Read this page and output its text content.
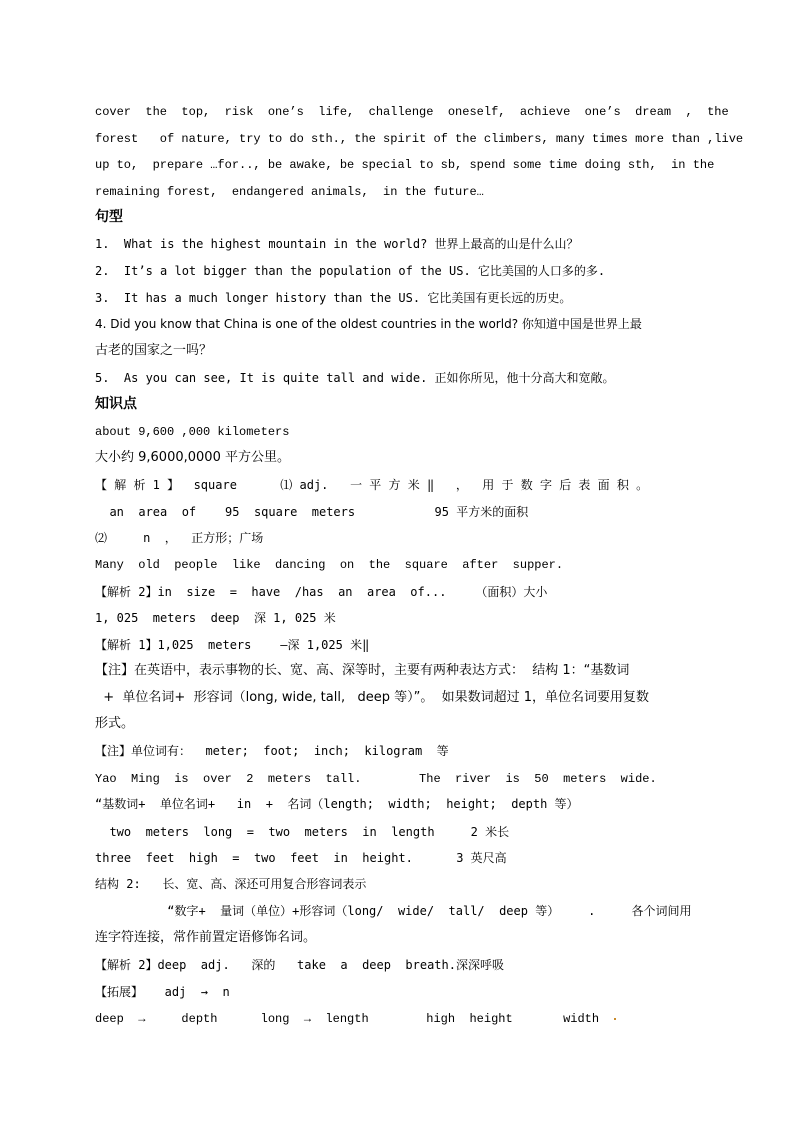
cover  the  top,  risk  one’s  life,  challenge  oneself,  achieve  one’s  dream  ,  the
forest   of nature, try to do sth., the spirit of the climbers, many times more than ,live
up to,  prepare …for.., be awake, be special to sb, spend some time doing sth,  in the
remaining forest,  endangered animals,  in the future…
句型
1.  What is the highest mountain in the world? 世界上最高的山是什么山？
2.  It’s a lot bigger than the population of the US. 它比美国的人口多的多.
3.  It has a much longer history than the US. 它比美国有更长远的历史。
4. Did you know that China is one of the oldest countries in the world? 你知道中国是世界上最
古老的国家之一吗？
5.  As you can see, It is quite tall and wide. 正如你所见，他十分高大和宽敞。
知识点
about 9,600 ,000 kilometers
大小约 9,6000,0000 平方公里。
【 解 析 1 】  square      ⑴ adj.   一 平 方 米 ‖   ，  用 于 数 字 后 表 面 积 。
an  area  of    95  square  meters           95 平方米的面积
⑵     n  ，  正方形；广场
Many  old  people  like  dancing  on  the  square  after  supper.
【解析 2】in  size  =  have  /has  an  area  of...    （面积）大小
1, 025  meters  deep  深 1, 025 米
【解析 1】1,025  meters    —深 1,025 米‖
【注】在英语中，表示事物的长、宽、高、深等时，主要有两种表达方式：  结构 1：“基数词
+  单位名词+  形容词（long, wide, tall,   deep 等）”。  如果数词超过 1，单位名词要用复数
形式。
【注】单位词有：  meter;  foot;  inch;  kilogram  等
Yao  Ming  is  over  2  meters  tall.        The  river  is  50  meters  wide.
“基数词+  单位名词+   in  +  名词（length;  width;  height;  depth 等）
two  meters  long  =  two  meters  in  length     2 米长
three  feet  high  =  two  feet  in  height.      3 英尺高
结构 2:   长、宽、高、深还可用复合形容词表示
“数字+  量词（单位）+形容词（long/  wide/  tall/  deep 等）    .     各个词间用
连字符连接，常作前置定语修饰名词。
【解析 2】deep  adj.   深的   take  a  deep  breath.深深呼吸
【拓展】   adj  →  n
deep  →     depth      long  →  length        high  height       width
